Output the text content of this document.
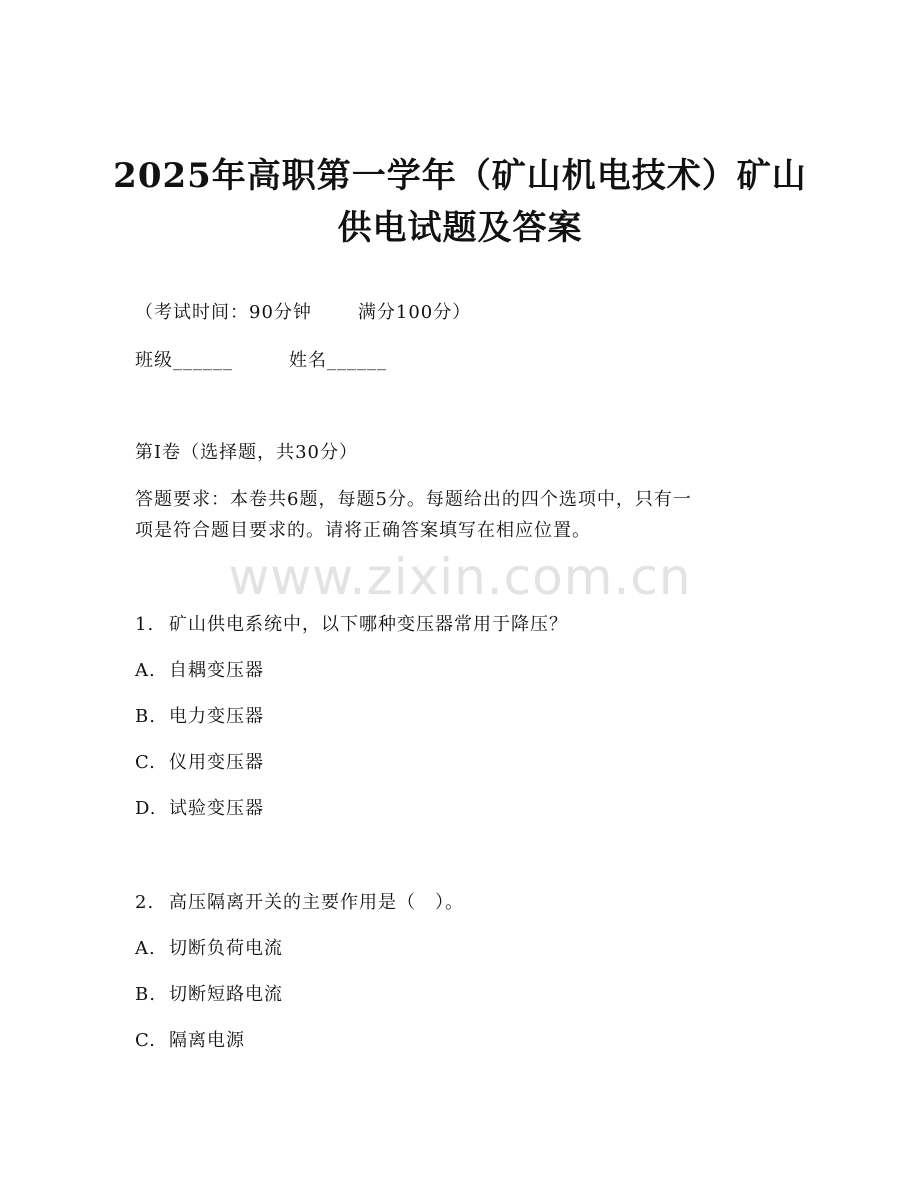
2025年高职第一学年（矿山机电技术）矿山
供电试题及答案
（考试时间：90分钟	满分100分）
班级______	姓名______
第I卷（选择题，共30分）
答题要求：本卷共6题，每题5分。每题给出的四个选项中，只有一
项是符合题目要求的。请将正确答案填写在相应位置。
www.zixin.com.cn
1. 矿山供电系统中，以下哪种变压器常用于降压？
A. 自耦变压器
B. 电力变压器
C. 仪用变压器
D. 试验变压器
2. 高压隔离开关的主要作用是（　）。
A. 切断负荷电流
B. 切断短路电流
C. 隔离电源
